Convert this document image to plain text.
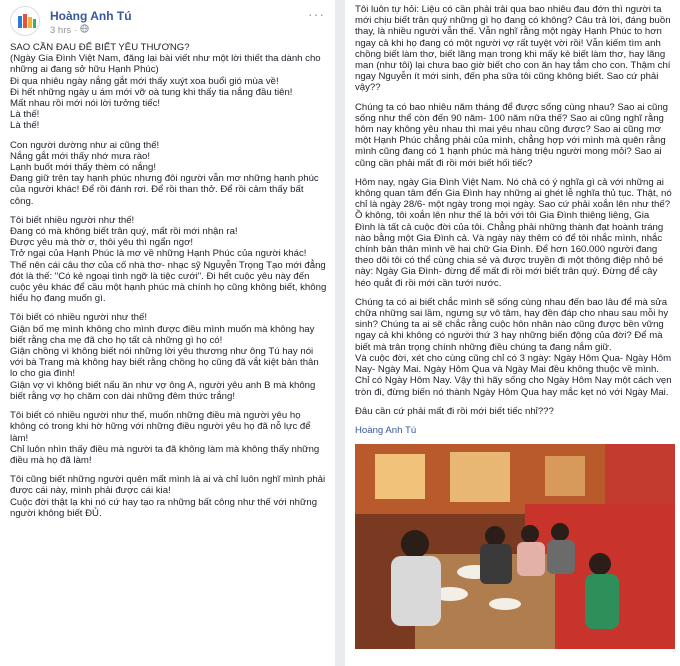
Hoàng Anh Tú
3 hrs ·
···
SAO CẦN ĐAU ĐỂ BIẾT YÊU THƯƠNG?
(Ngày Gia Đình Việt Nam, đăng lại bài viết như một lời thiết tha dành cho những ai đang sở hữu Hạnh Phúc)
Đi qua nhiêu ngày nắng gắt mới thấy xuýt xoa buổi gió mùa về!
Đi hết những ngày u ám mới vỡ oà tung khi thấy tia nắng đầu tiên!
Mất nhau rồi mới nói lời tưởng tiếc!
Là thế!
Là thế!
Con người dường như ai cũng thế!
Nắng gắt mới thấy nhớ mưa rào!
Lạnh buốt mới thấy thèm có nắng!
Đang giữ trên tay hạnh phúc nhưng đôi người vẫn mơ những hạnh phúc của người khác! Để rồi đánh rơi. Để rồi than thở. Để rồi cảm thấy bất công.
Tôi biết nhiều người như thế!
Đang có mà không biết trân quý, mất rồi mới nhận ra!
Được yêu mà thờ ơ, thôi yêu thì ngẩn ngơ!
Trở ngại của Hạnh Phúc là mơ về những Hạnh Phúc của người khác!
Thế nên cái câu thơ của cố nhà thơ- nhạc sỹ Nguyễn Trọng Tạo mới đẳng đót là thế: "Có kẻ ngoại tình ngỡ là tiệc cưới". Đi hết cuộc yêu này đến cuộc yêu khác để cầu một hạnh phúc mà chính họ cũng không biết, không hiểu họ đang muốn gì.
Tôi biết có nhiều người như thế!
Giận bố mẹ mình không cho mình được điều mình muốn mà không hay biết rằng cha mẹ đã cho họ tất cả những gì họ có!
Giận chồng vì không biết nói những lời yêu thương như ông Tú hay nói với bà Trang mà không hay biết rằng chồng họ cũng đã vắt kiệt bản thân lo cho gia đình!
Giận vợ vì không biết nấu ăn như vợ ông A, người yêu anh B mà không biết rằng vợ họ chăm con dài những đêm thức trắng!
Tôi biết có nhiều người như thế, muốn những điều mà người yêu họ không có trong khi hờ hững với những điều người yêu họ đã nỗ lực để làm!
Chỉ luôn nhìn thấy điều mà người ta đã không làm mà không thấy những điều mà họ đã làm!
Tôi cũng biết những người quên mất mình là ai và chỉ luôn nghĩ mình phải được cái này, mình phải được cái kia!
Cuộc đời thật lạ khi nó cứ hay tạo ra những bất công như thế với những người không biết ĐỦ.
Tôi luôn tự hỏi: Liệu có cần phải trải qua bao nhiêu đau đớn thì người ta mới chịu biết trân quý những gì họ đang có không? Câu trả lời, đáng buồn thay, là nhiều người vẫn thế. Vẫn nghĩ rằng một ngày Hạnh Phúc to hơn ngay cả khi họ đang có một người vợ rất tuyệt vời rồi! Vẫn kiếm tìm anh chồng biết làm thơ, biết lãng mạn trong khi mấy kẻ biết làm thơ, hay lãng man (như tôi) lại chưa bao giờ biết cho con ăn hay tắm cho con. Thậm chí ngay Nguyễn ít mới sinh, đến pha sữa tôi cũng không biết. Sao cứ phải vậy??
Chúng ta có bao nhiêu năm tháng để được sống cùng nhau? Sao ai cũng sống như thể còn đến 90 năm- 100 năm nữa thế? Sao ai cũng nghĩ rằng hôm nay không yêu nhau thì mai yêu nhau cũng được? Sao ai cũng mơ một Hạnh Phúc chẳng phải của mình, chẳng hợp với mình mà quên rằng mình cũng đang có 1 hạnh phúc mà hàng triệu người mong mỏi? Sao ai cũng cần phải mất đi rồi mới biết hối tiếc?
Hôm nay, ngày Gia Đình Việt Nam. Nó chả có ý nghĩa gì cả với những ai không quan tâm đến Gia Đình hay những ai ghét lễ nghĩa thủ tục. Thật, nó chỉ là ngày 28/6- một ngày trong mọi ngày. Sao cứ phải xoắn lên như thế? Ồ không, tôi xoắn lên như thế là bởi với tôi Gia Đình thiêng liêng, Gia Đình là tất cả cuộc đời của tôi. Chẳng phải những thành đạt hoành tráng nào bằng một Gia Đình cả. Và ngày này thêm có để tôi nhắc mình, nhắc chính bản thân mình về hai chữ Gia Đình. Để hơn 160.000 người đang theo dõi tôi có thể cùng chia sẻ và được truyền đi một thông điệp nhỏ bé này: Ngày Gia Đình- đừng để mất đi rồi mới biết trân quý. Đừng để cây héo quắt đi rồi mới cần tưới nước.
Chúng ta có ai biết chắc mình sẽ sống cùng nhau đến bao lâu để mà sửa chữa những sai lầm, ngưng sự vô tâm, hay đền đáp cho nhau sau mỗi hy sinh? Chúng ta ai sẽ chắc rằng cuộc hôn nhân nào cũng được bền vững ngay cả khi không có người thứ 3 hay những biến động của đời? Để mà biết mà trân trọng chính những điều chúng ta đang nắm giữ.
Và cuộc đời, xét cho cùng cũng chỉ có 3 ngày: Ngày Hôm Qua- Ngày Hôm Nay- Ngày Mai. Ngày Hôm Qua và Ngày Mai đều không thuộc về mình. Chỉ có Ngày Hôm Nay. Vậy thì hãy sống cho Ngày Hôm Nay một cách vẹn tròn đi, đừng biến nó thành Ngày Hôm Qua hay mắc kẹt nó với Ngày Mai.
Đâu cần cứ phải mất đi rồi mới biết tiếc nhỉ???
Hoàng Anh Tú
